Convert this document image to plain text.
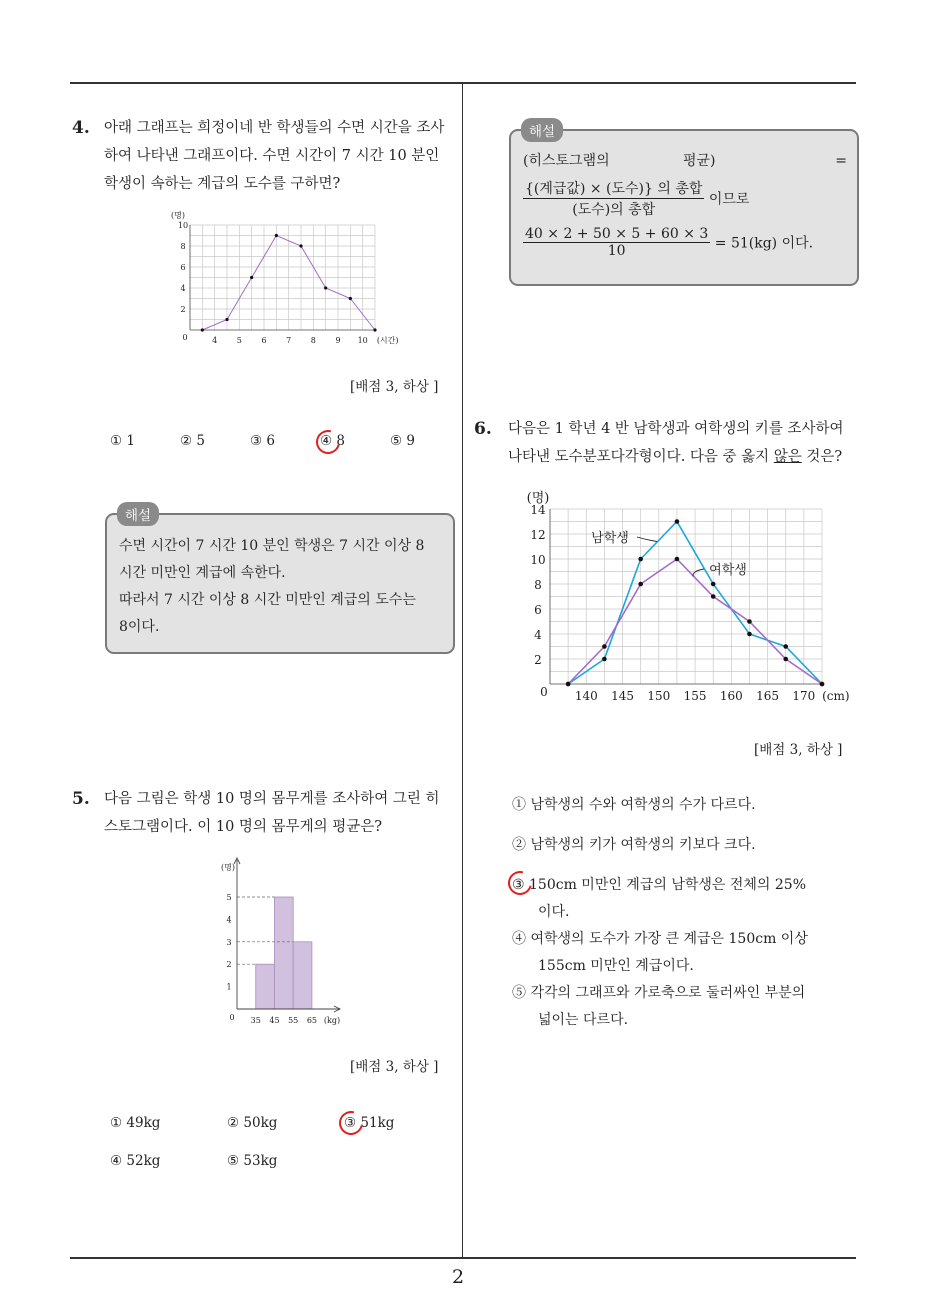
2
4. 아래 그래프는 희정이네 반 학생들의 수면 시간을 조사
하여 나타낸 그래프이다. 수면 시간이 7 시간 10 분인
학생이 속하는 계급의 도수를 구하면?
(명)
0
2
4
6
8
10
4 5 6 7 8 9 10 (시간)
[배점 3, 하상 ]
① 1	② 5	③ 6	④ 8	⑤ 9
수면 시간이 7 시간 10 분인 학생은 7 시간 이상 8
시간 미만인 계급에 속한다.
따라서 7 시간 이상 8 시간 미만인 계급의 도수는
8이다.
해설
5. 다음 그림은 학생 10 명의 몸무게를 조사하여 그린 히
스토그램이다. 이 10 명의 몸무게의 평균은?
(명)
0
1
2
3
4
5
35 45 55 65 (kg)
[배점 3, 하상 ]
① 49kg	② 50kg	③ 51kg
④ 52kg	⑤ 53kg
(히스토그램의	평균)	=
$\frac{\text{\{(계급값) × (도수)\} 의 총합}}{\text{(도수)의 총합}}$ 이므로
$\frac{40 \times 2 + 50 \times 5 + 60 \times 3}{10} = 51(kg)$ 이다.
해설
6. 다음은 1 학년 4 반 남학생과 여학생의 키를 조사하여
나타낸 도수분포다각형이다. 다음 중 옳지 않은 것은?
(명)
0
2
4
6
8
10
12
14
140 145 150 155 160 165 170 (cm)
남학생
여학생
[배점 3, 하상 ]
① 남학생의 수와 여학생의 수가 다르다.
② 남학생의 키가 여학생의 키보다 크다.
③ 150cm 미만인 계급의 남학생은 전체의 25%
이다.
④ 여학생의 도수가 가장 큰 계급은 150cm 이상
155cm 미만인 계급이다.
⑤ 각각의 그래프와 가로축으로 둘러싸인 부분의
넓이는 다르다.
